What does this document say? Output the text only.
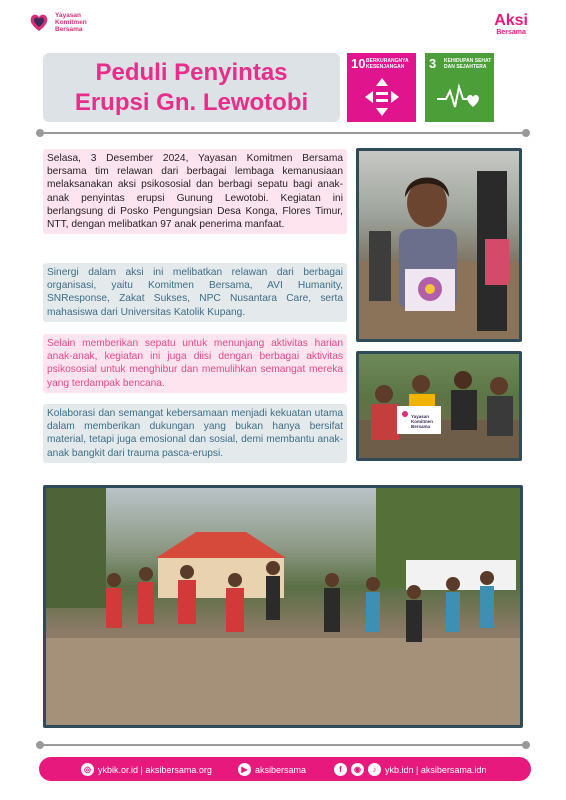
Yayasan
Komitmen
Bersama	Aksi
Bersama
Peduli Penyintas
Erupsi Gn. Lewotobi
10 BERKURANGNYA KESENJANGAN	3 KEHIDUPAN SEHAT DAN SEJAHTERA
Selasa, 3 Desember 2024, Yayasan Komitmen Bersama bersama tim relawan dari berbagai lembaga kemanusiaan melaksanakan aksi psikososial dan berbagi sepatu bagi anak-anak penyintas erupsi Gunung Lewotobi. Kegiatan ini berlangsung di Posko Pengungsian Desa Konga, Flores Timur, NTT, dengan melibatkan 97 anak penerima manfaat.
Sinergi dalam aksi ini melibatkan relawan dari berbagai organisasi, yaitu Komitmen Bersama, AVI Humanity, SNResponse, Zakat Sukses, NPC Nusantara Care, serta mahasiswa dari Universitas Katolik Kupang.
Selain memberikan sepatu untuk menunjang aktivitas harian anak-anak, kegiatan ini juga diisi dengan berbagai aktivitas psikososial untuk menghibur dan memulihkan semangat mereka yang terdampak bencana.
Kolaborasi dan semangat kebersamaan menjadi kekuatan utama dalam memberikan dukungan yang bukan hanya bersifat material, tetapi juga emosional dan sosial, demi membantu anak-anak bangkit dari trauma pasca-erupsi.
Yayasan Komitmen Bersama
◎ ykbik.or.id | aksibersama.org	▶ aksibersama	f	◉	♪ ykb.idn | aksibersama.idn
